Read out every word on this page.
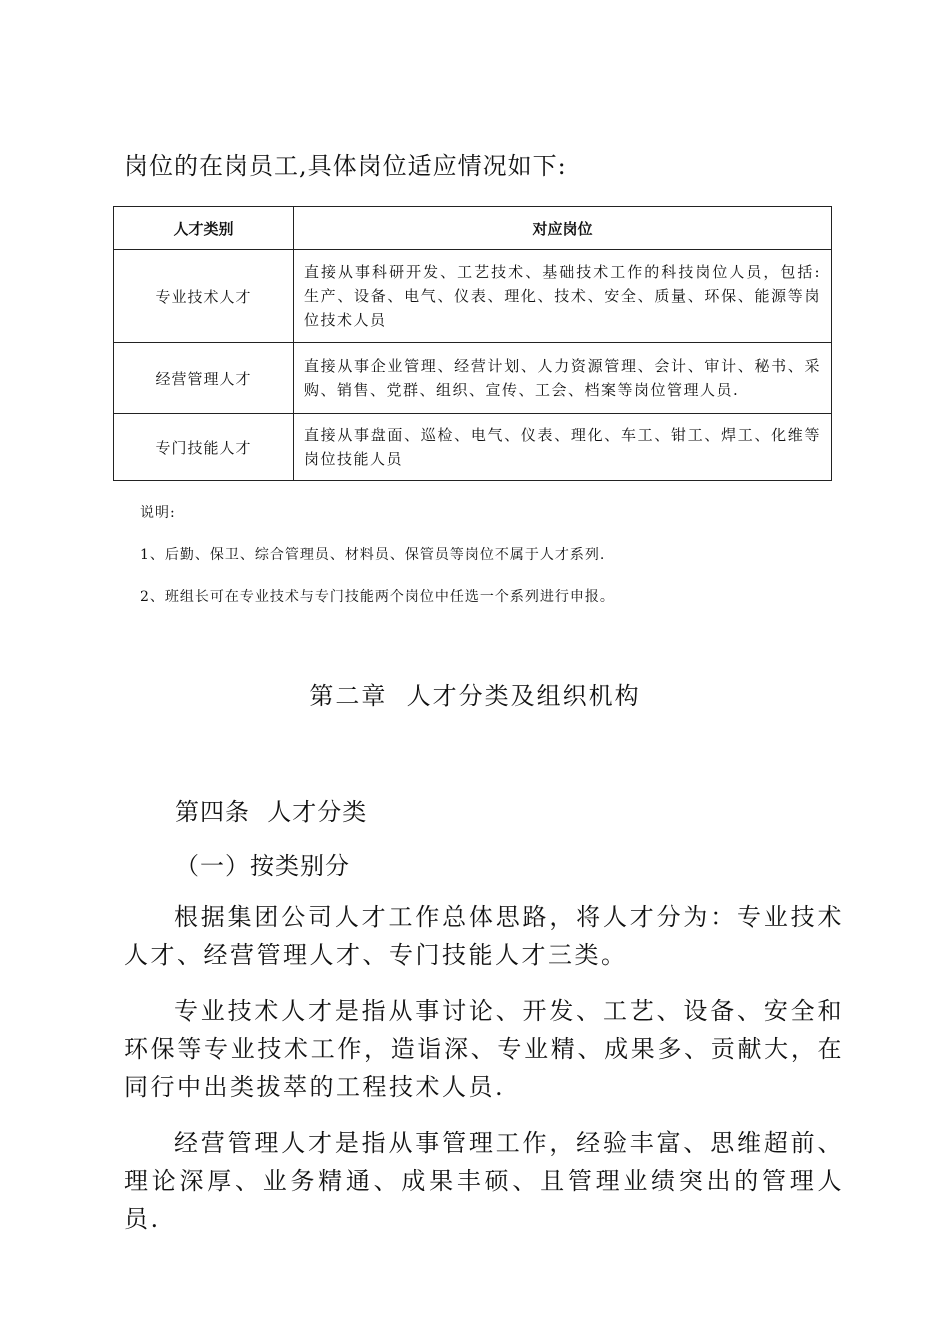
岗位的在岗员工,具体岗位适应情况如下:
人才类别	对应岗位
专业技术人才	直接从事科研开发、工艺技术、基础技术工作的科技岗位人员，包括:生产、设备、电气、仪表、理化、技术、安全、质量、环保、能源等岗位技术人员
经营管理人才	直接从事企业管理、经营计划、人力资源管理、会计、审计、秘书、采购、销售、党群、组织、宣传、工会、档案等岗位管理人员.
专门技能人才	直接从事盘面、巡检、电气、仪表、理化、车工、钳工、焊工、化维等岗位技能人员
说明:
1、后勤、保卫、综合管理员、材料员、保管员等岗位不属于人才系列.
2、班组长可在专业技术与专门技能两个岗位中任选一个系列进行申报。
第二章  人才分类及组织机构
第四条  人才分类
（一）按类别分
根据集团公司人才工作总体思路，将人才分为：专业技术人才、经营管理人才、专门技能人才三类。
专业技术人才是指从事讨论、开发、工艺、设备、安全和环保等专业技术工作，造诣深、专业精、成果多、贡献大，在同行中出类拔萃的工程技术人员.
经营管理人才是指从事管理工作，经验丰富、思维超前、理论深厚、业务精通、成果丰硕、且管理业绩突出的管理人员.
